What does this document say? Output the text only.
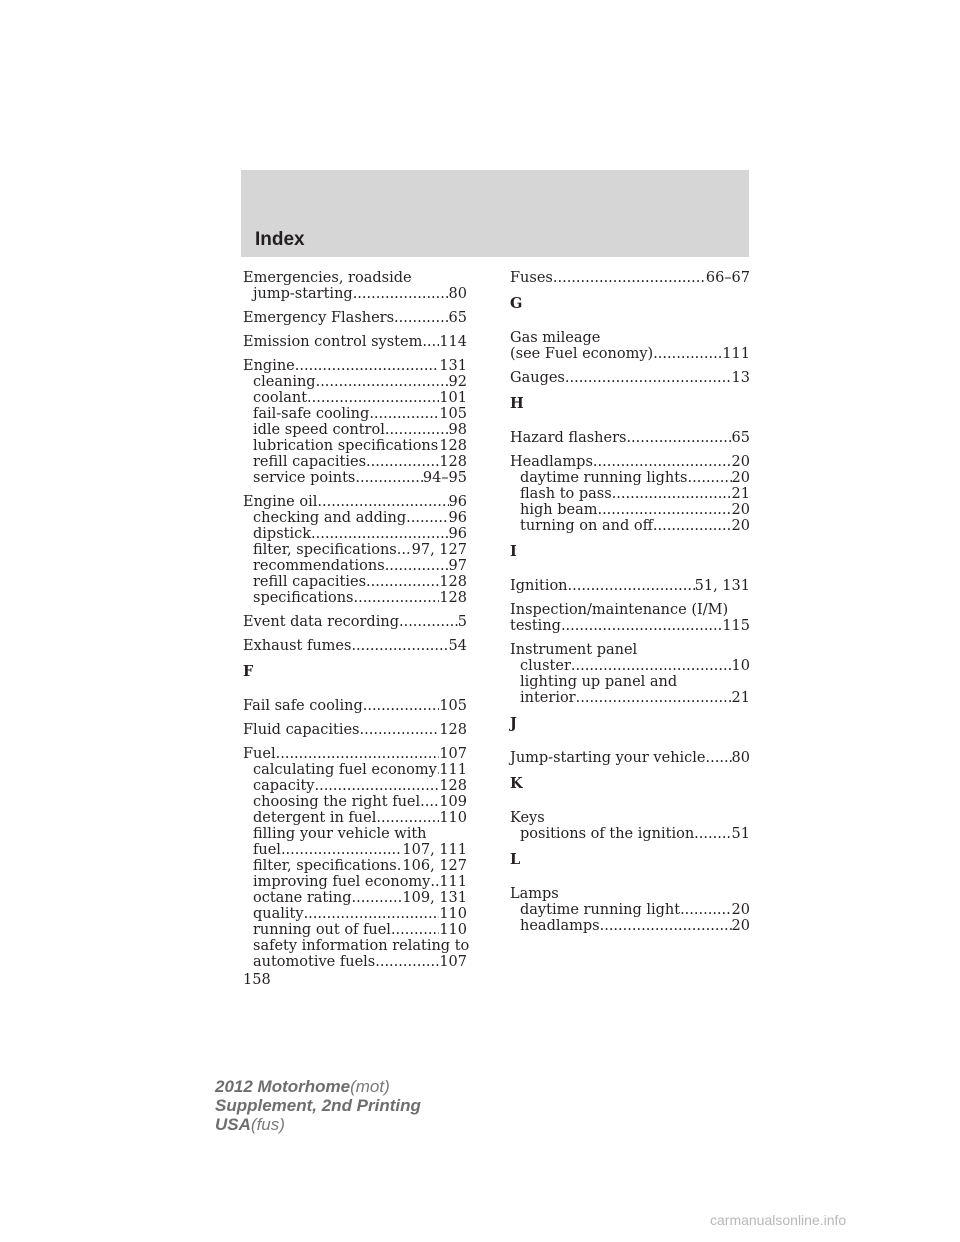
Index
Emergencies, roadside
jump-starting .....	80
Emergency Flashers .....	65
Emission control system ..... 114
Engine .....	131
cleaning .....	92
coolant .....	101
fail-safe cooling .....	105
idle speed control .....	98
lubrication specifications ..... 128
refill capacities .....	128
service points .....	94–95
Engine oil .....	96
checking and adding .....	96
dipstick .....	96
filter, specifications ..... 97, 127
recommendations .....	97
refill capacities .....	128
specifications .....	128
Event data recording .....	5
Exhaust fumes .....	54
F
Fail safe cooling .....	105
Fluid capacities .....	128
Fuel .....	107
calculating fuel economy ..... 111
capacity .....	128
choosing the right fuel ..... 109
detergent in fuel .....	110
filling your vehicle with
fuel .....	107, 111
filter, specifications ..... 106, 127
improving fuel economy ..... 111
octane rating .....	109, 131
quality .....	110
running out of fuel .....	110
safety information relating to
automotive fuels .....	107
Fuses .....	66–67
G
Gas mileage
(see Fuel economy) .....	111
Gauges .....	13
H
Hazard flashers .....	65
Headlamps .....	20
daytime running lights .....	20
flash to pass .....	21
high beam .....	20
turning on and off .....	20
I
Ignition .....	51, 131
Inspection/maintenance (I/M)
testing .....	115
Instrument panel
cluster .....	10
lighting up panel and
interior .....	21
J
Jump-starting your vehicle ..... 80
K
Keys
positions of the ignition .....	51
L
Lamps
daytime running light .....	20
headlamps .....	20
158
2012 Motorhome(mot)
Supplement, 2nd Printing
USA(fus)
carmanualsonline.info
